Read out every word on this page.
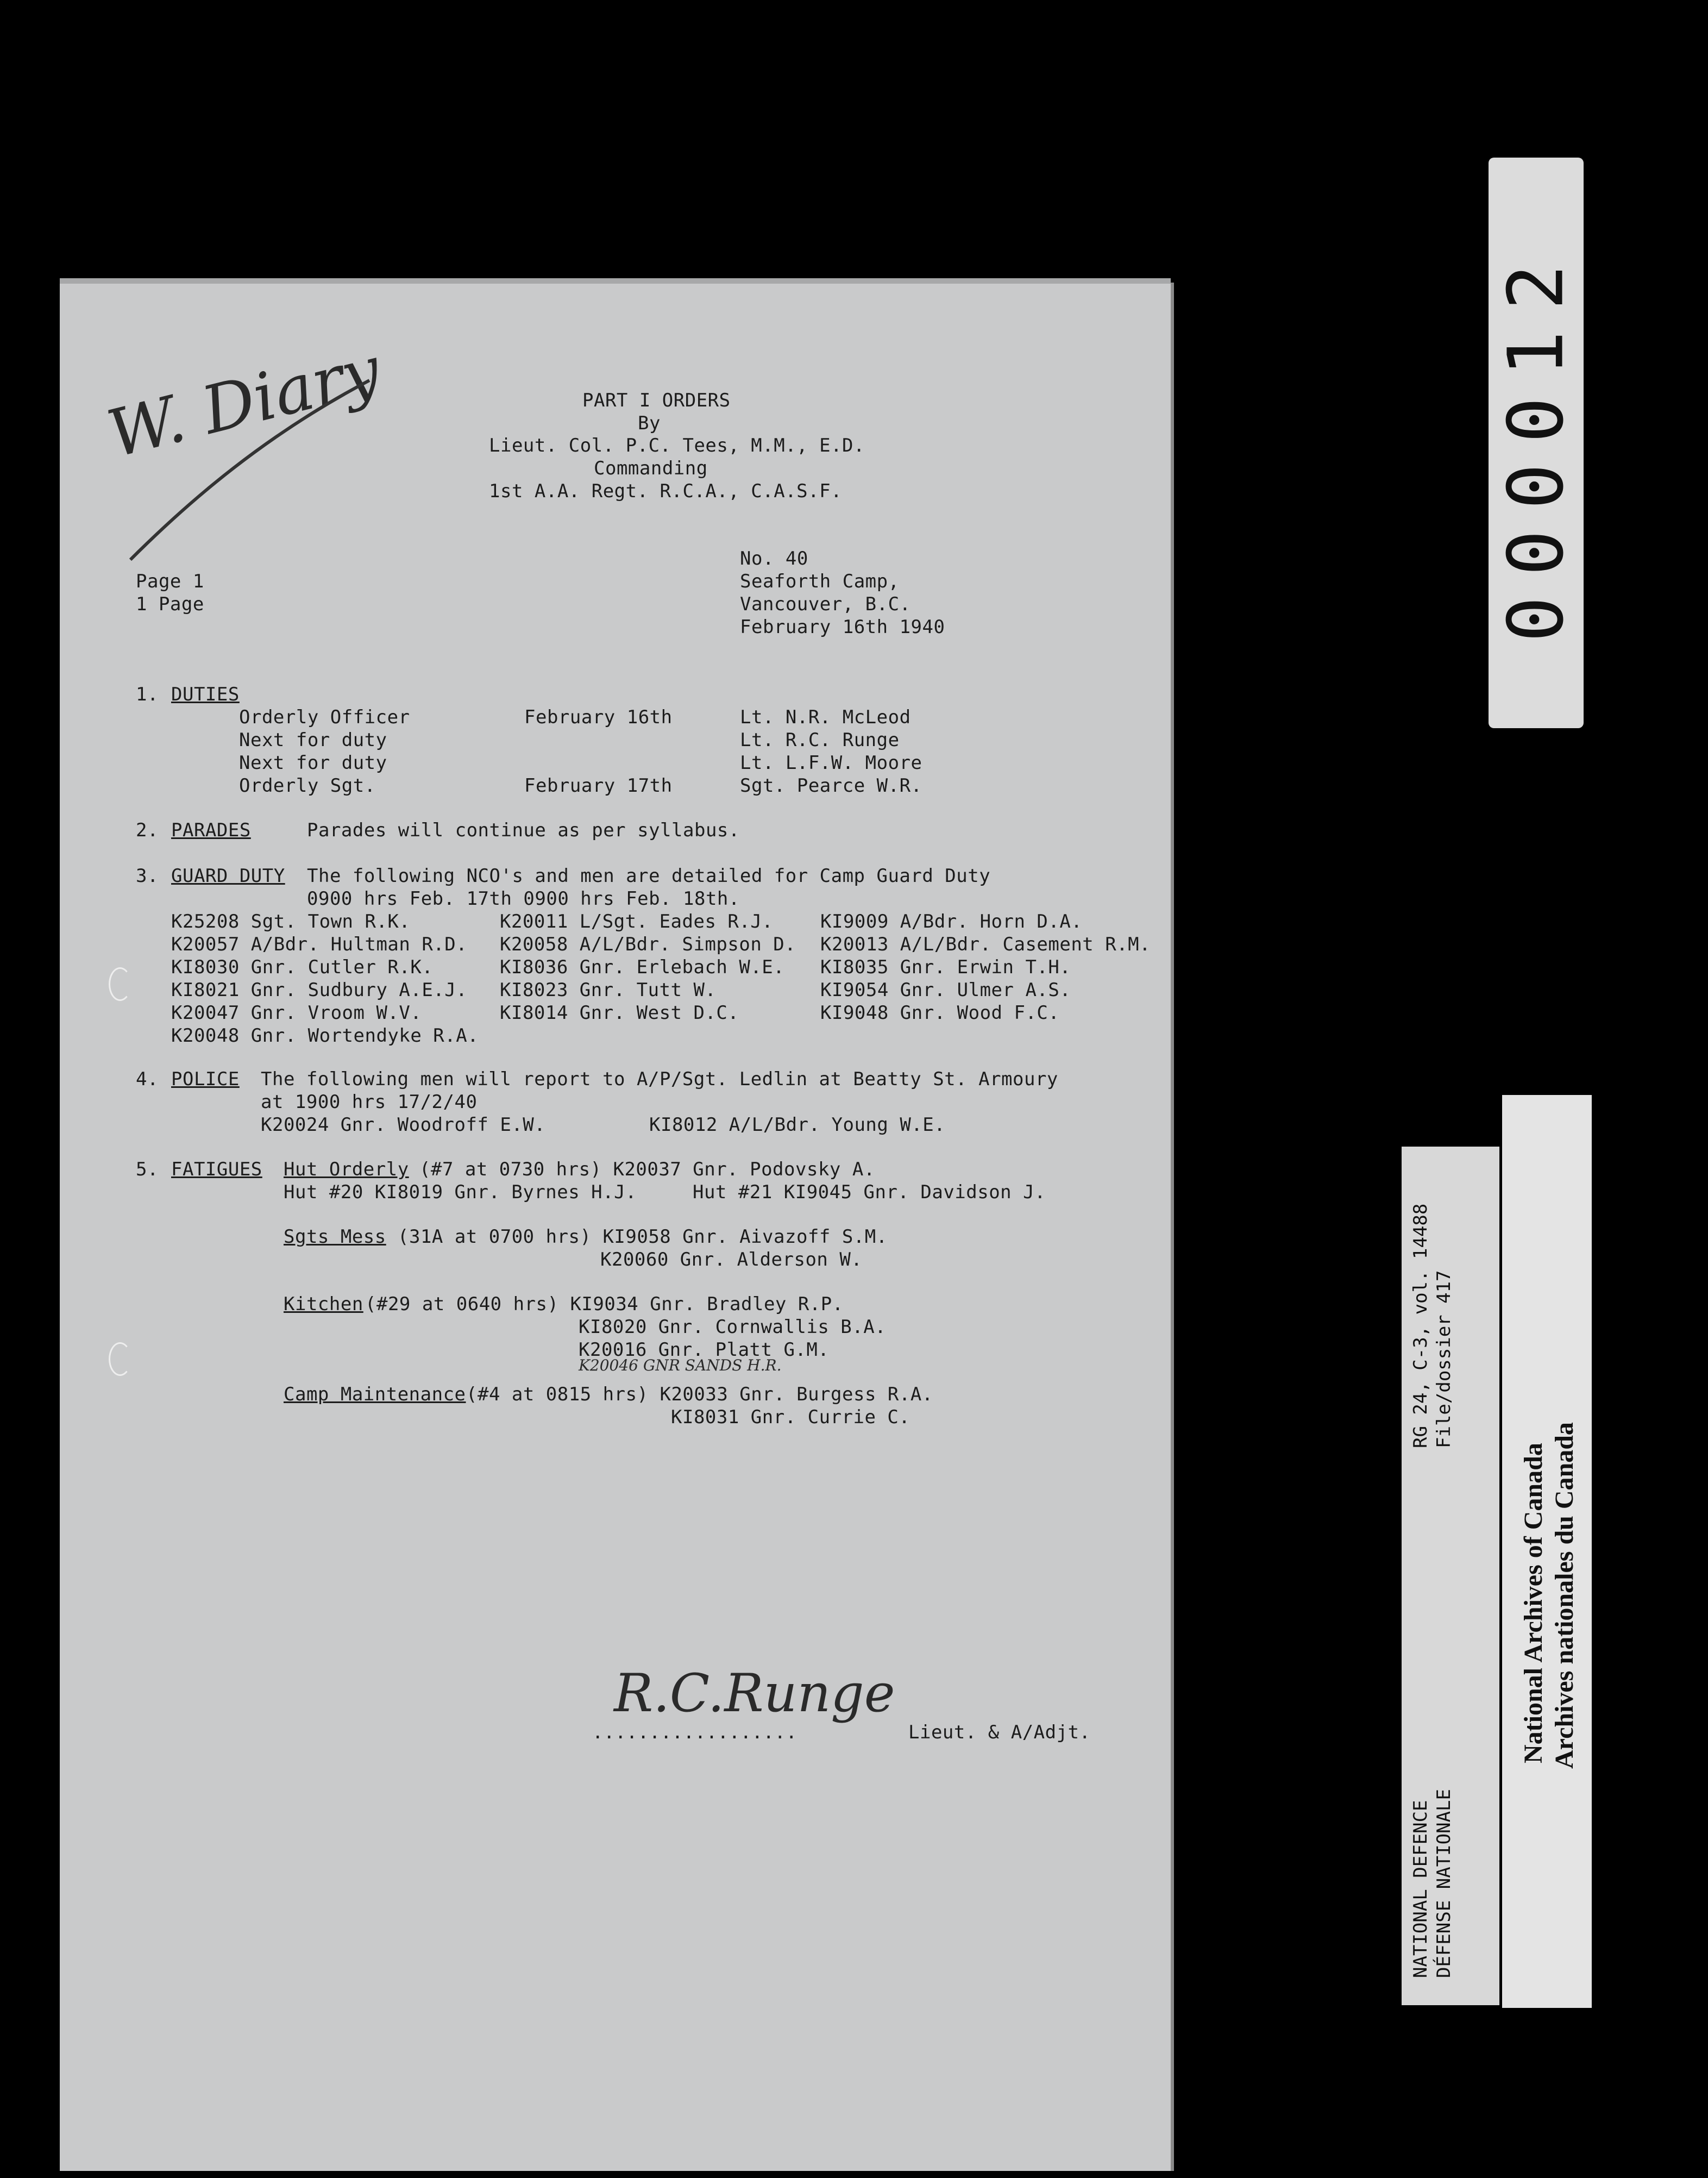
W. Diary	PART I ORDERS
By
Lieut. Col. P.C. Tees, M.M., E.D.
Commanding
1st A.A. Regt. R.C.A., C.A.S.F.
Page 1
1 Page
No. 40
Seaforth Camp,
Vancouver, B.C.
February 16th 1940
1. DUTIES
Orderly Officer	February 16th	Lt. N.R. McLeod
Next for duty	Lt. R.C. Runge
Next for duty	Lt. L.F.W. Moore
Orderly Sgt.	February 17th	Sgt. Pearce W.R.
2. PARADES	Parades will continue as per syllabus.
3. GUARD DUTY The following NCO's and men are detailed for Camp Guard Duty
0900 hrs Feb. 17th 0900 hrs Feb. 18th.
K25208 Sgt. Town R.K.	K20011 L/Sgt. Eades R.J.	KI9009 A/Bdr. Horn D.A.
K20057 A/Bdr. Hultman R.D. K20058 A/L/Bdr. Simpson D. K20013 A/L/Bdr. Casement R.M.
KI8030 Gnr. Cutler R.K.	KI8036 Gnr. Erlebach W.E. KI8035 Gnr. Erwin T.H.
KI8021 Gnr. Sudbury A.E.J. KI8023 Gnr. Tutt W.	KI9054 Gnr. Ulmer A.S.
K20047 Gnr. Vroom W.V.	KI8014 Gnr. West D.C.	KI9048 Gnr. Wood F.C.
K20048 Gnr. Wortendyke R.A.
4. POLICE The following men will report to A/P/Sgt. Ledlin at Beatty St. Armoury
at 1900 hrs 17/2/40
K20024 Gnr. Woodroff E.W.	KI8012 A/L/Bdr. Young W.E.
5. FATIGUES Hut Orderly (#7 at 0730 hrs) K20037 Gnr. Podovsky A.
Hut #20 KI8019 Gnr. Byrnes H.J.	Hut #21 KI9045 Gnr. Davidson J.
Sgts Mess (31A at 0700 hrs) KI9058 Gnr. Aivazoff S.M.
K20060 Gnr. Alderson W.
Kitchen (#29 at 0640 hrs) KI9034 Gnr. Bradley R.P.
KI8020 Gnr. Cornwallis B.A.
K20016 Gnr. Platt G.M.
K20046 GNR SANDS H.R.
Camp Maintenance (#4 at 0815 hrs) K20033 Gnr. Burgess R.A.
KI8031 Gnr. Currie C.
R.C.Runge
..................	Lieut. & A/Adjt.
000012
RG 24, C-3, vol. 14488 File/dossier 417
NATIONAL DEFENCE DÉFENSE NATIONALE
National Archives of Canada Archives nationales du Canada
